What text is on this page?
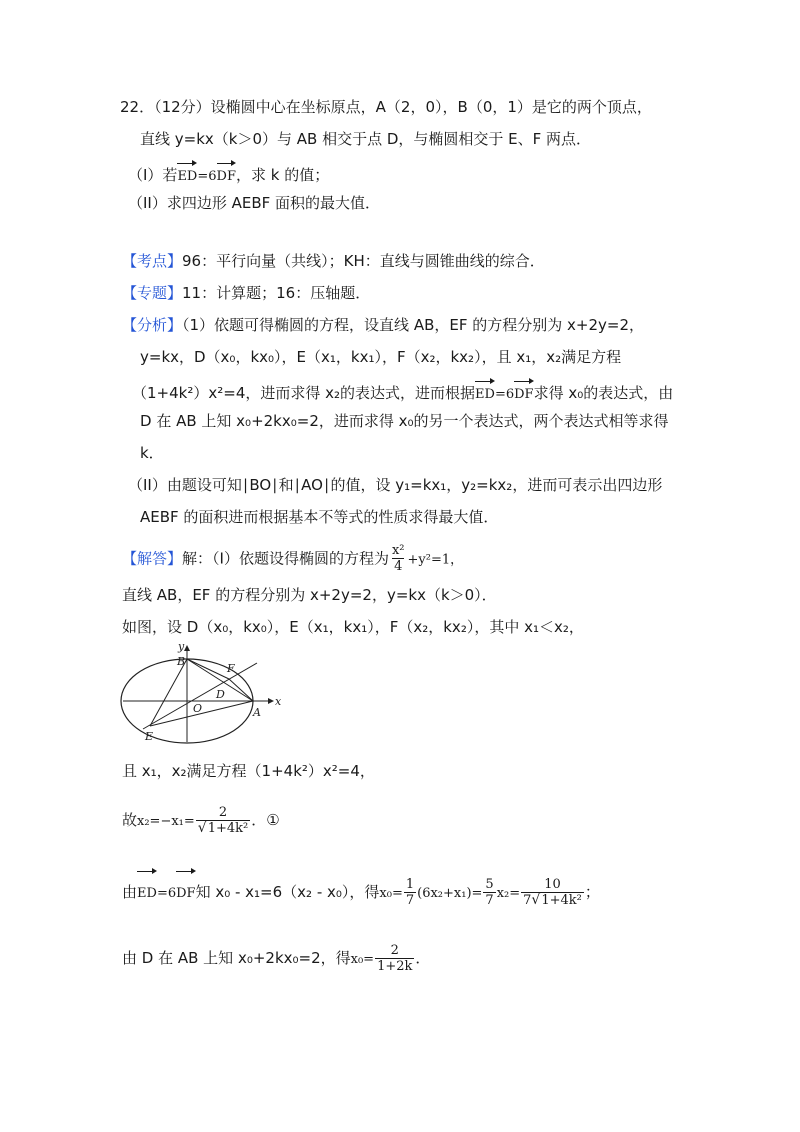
22．（12分）设椭圆中心在坐标原点，A（2，0），B（0，1）是它的两个顶点，
直线 y=kx（k＞0）与 AB 相交于点 D，与椭圆相交于 E、F 两点．
（I）若ED=6DF，求 k 的值；
（II）求四边形 AEBF 面积的最大值．
【考点】96：平行向量（共线）；KH：直线与圆锥曲线的综合．
【专题】11：计算题；16：压轴题．
【分析】（1）依题可得椭圆的方程，设直线 AB，EF 的方程分别为 x+2y=2，
y=kx，D（x₀，kx₀），E（x₁，kx₁），F（x₂，kx₂），且 x₁，x₂满足方程
（1+4k²）x²=4，进而求得 x₂的表达式，进而根据ED=6DF求得 x₀的表达式，由
D 在 AB 上知 x₀+2kx₀=2，进而求得 x₀的另一个表达式，两个表达式相等求得
k．
（II）由题设可知∣BO∣和∣AO∣的值，设 y₁=kx₁，y₂=kx₂，进而可表示出四边形
AEBF 的面积进而根据基本不等式的性质求得最大值．
【解答】解：（I）依题设得椭圆的方程为 $\frac{\text{x²}}{4} +y^2=1$，
直线 AB，EF 的方程分别为 x+2y=2，y=kx（k＞0）．
如图，设 D（x₀，kx₀），E（x₁，kx₁），F（x₂，kx₂），其中 x₁＜x₂，
y
x
B
F
D
O	A
E
且 x₁，x₂满足方程（1+4k²）x²=4，
故$x_2=-x_1= \frac{2}{\text{√1+4k²}}$ ．①
由ED=6DF知 x₀ - x₁=6（x₂ - x₀），得$x_0= \frac{1}{7} (6x_2+x_1)= \frac{5}{7} x_2= \frac{10}{\text{7√1+4k²}}$ ；
由 D 在 AB 上知 x₀+2kx₀=2，得$x_0= \frac{2}{1+2k}$ ．
